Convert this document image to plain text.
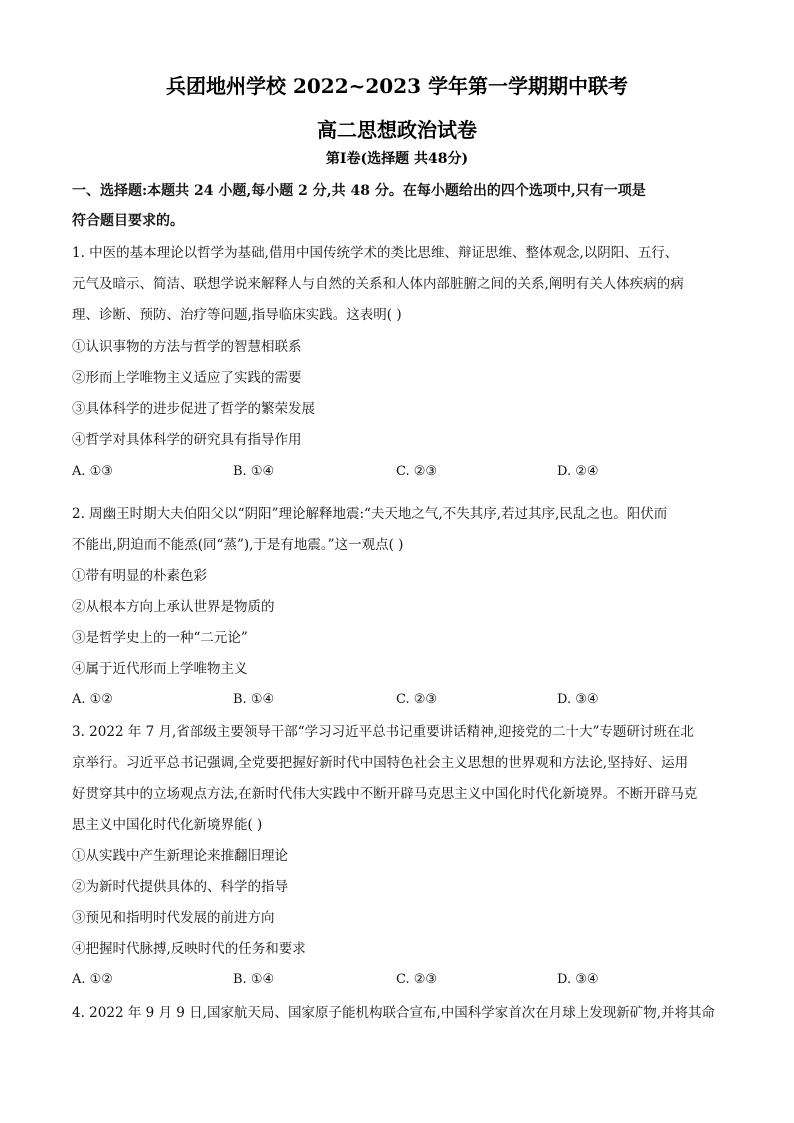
兵团地州学校 2022~2023 学年第一学期期中联考
高二思想政治试卷
第Ⅰ卷(选择题 共48分)
一、选择题:本题共 24 小题,每小题 2 分,共 48 分。在每小题给出的四个选项中,只有一项是
符合题目要求的。
1. 中医的基本理论以哲学为基础,借用中国传统学术的类比思维、辩证思维、整体观念,以阴阳、五行、
元气及暗示、简洁、联想学说来解释人与自然的关系和人体内部脏腑之间的关系,阐明有关人体疾病的病
理、诊断、预防、治疗等问题,指导临床实践。这表明( )
①认识事物的方法与哲学的智慧相联系
②形而上学唯物主义适应了实践的需要
③具体科学的进步促进了哲学的繁荣发展
④哲学对具体科学的研究具有指导作用
A. ①③	B. ①④	C. ②③	D. ②④
2. 周幽王时期大夫伯阳父以“阴阳”理论解释地震:“夫天地之气,不失其序,若过其序,民乱之也。阳伏而
不能出,阴迫而不能烝(同“蒸”),于是有地震。”这一观点( )
①带有明显的朴素色彩
②从根本方向上承认世界是物质的
③是哲学史上的一种“二元论”
④属于近代形而上学唯物主义
A. ①②	B. ①④	C. ②③	D. ③④
3. 2022 年 7 月,省部级主要领导干部“学习习近平总书记重要讲话精神,迎接党的二十大”专题研讨班在北
京举行。习近平总书记强调,全党要把握好新时代中国特色社会主义思想的世界观和方法论,坚持好、运用
好贯穿其中的立场观点方法,在新时代伟大实践中不断开辟马克思主义中国化时代化新境界。不断开辟马克
思主义中国化时代化新境界能( )
①从实践中产生新理论来推翻旧理论
②为新时代提供具体的、科学的指导
③预见和指明时代发展的前进方向
④把握时代脉搏,反映时代的任务和要求
A. ①②	B. ①④	C. ②③	D. ③④
4. 2022 年 9 月 9 日,国家航天局、国家原子能机构联合宣布,中国科学家首次在月球上发现新矿物,并将其命
